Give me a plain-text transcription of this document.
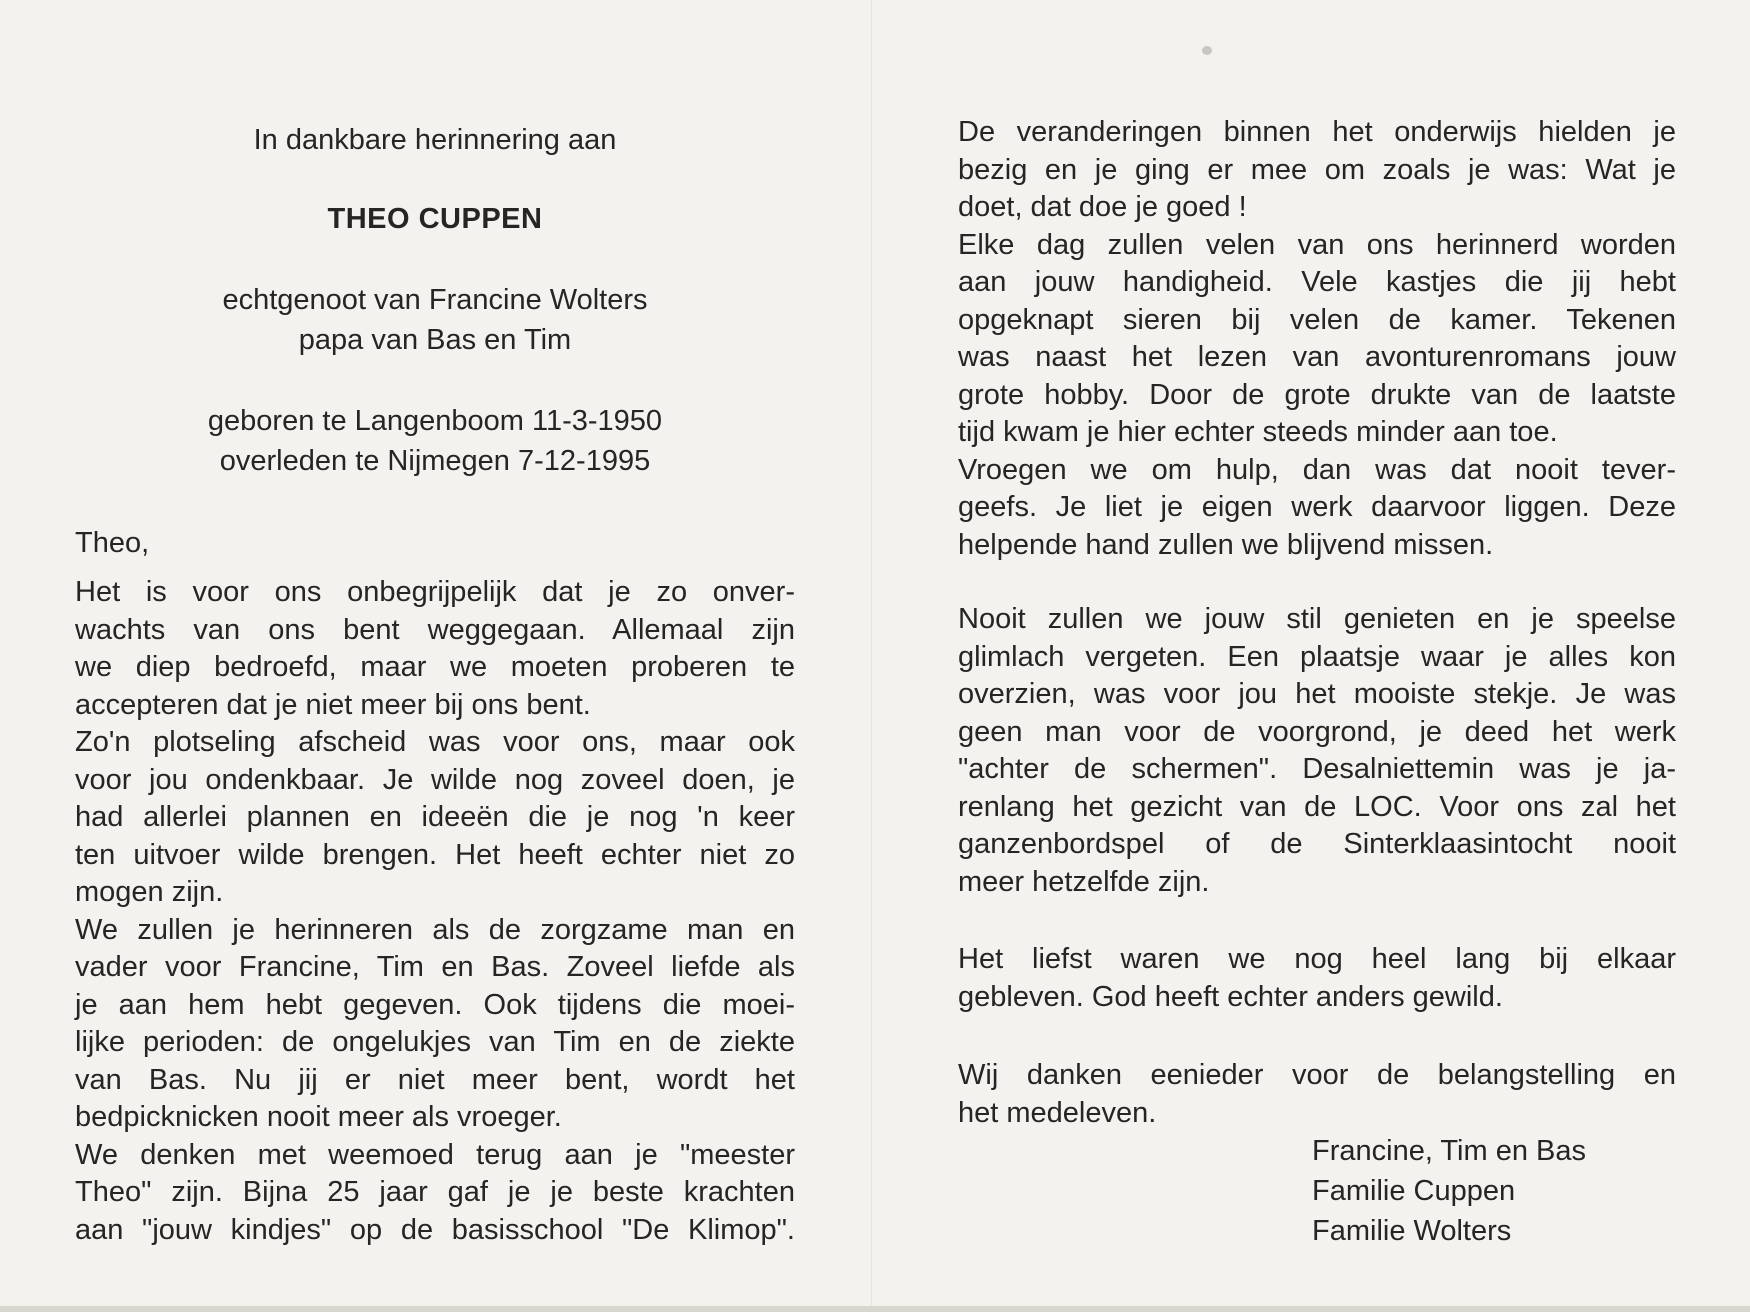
In dankbare herinnering aan
THEO CUPPEN
echtgenoot van Francine Wolters
papa van Bas en Tim
geboren te Langenboom 11-3-1950
overleden te Nijmegen 7-12-1995
Theo,
Het is voor ons onbegrijpelijk dat je zo onver-
wachts van ons bent weggegaan. Allemaal zijn
we diep bedroefd, maar we moeten proberen te
accepteren dat je niet meer bij ons bent.
Zo'n plotseling afscheid was voor ons, maar ook
voor jou ondenkbaar. Je wilde nog zoveel doen, je
had allerlei plannen en ideeën die je nog 'n keer
ten uitvoer wilde brengen. Het heeft echter niet zo
mogen zijn.
We zullen je herinneren als de zorgzame man en
vader voor Francine, Tim en Bas. Zoveel liefde als
je aan hem hebt gegeven. Ook tijdens die moei-
lijke perioden: de ongelukjes van Tim en de ziekte
van Bas. Nu jij er niet meer bent, wordt het
bedpicknicken nooit meer als vroeger.
We denken met weemoed terug aan je "meester
Theo" zijn. Bijna 25 jaar gaf je je beste krachten
aan "jouw kindjes" op de basisschool "De Klimop".
De veranderingen binnen het onderwijs hielden je
bezig en je ging er mee om zoals je was: Wat je
doet, dat doe je goed !
Elke dag zullen velen van ons herinnerd worden
aan jouw handigheid. Vele kastjes die jij hebt
opgeknapt sieren bij velen de kamer. Tekenen
was naast het lezen van avonturenromans jouw
grote hobby. Door de grote drukte van de laatste
tijd kwam je hier echter steeds minder aan toe.
Vroegen we om hulp, dan was dat nooit tever-
geefs. Je liet je eigen werk daarvoor liggen. Deze
helpende hand zullen we blijvend missen.
Nooit zullen we jouw stil genieten en je speelse
glimlach vergeten. Een plaatsje waar je alles kon
overzien, was voor jou het mooiste stekje. Je was
geen man voor de voorgrond, je deed het werk
"achter de schermen". Desalniettemin was je ja-
renlang het gezicht van de LOC. Voor ons zal het
ganzenbordspel of de Sinterklaasintocht nooit
meer hetzelfde zijn.
Het liefst waren we nog heel lang bij elkaar
gebleven. God heeft echter anders gewild.
Wij danken eenieder voor de belangstelling en
het medeleven.
Francine, Tim en Bas
Familie Cuppen
Familie Wolters
